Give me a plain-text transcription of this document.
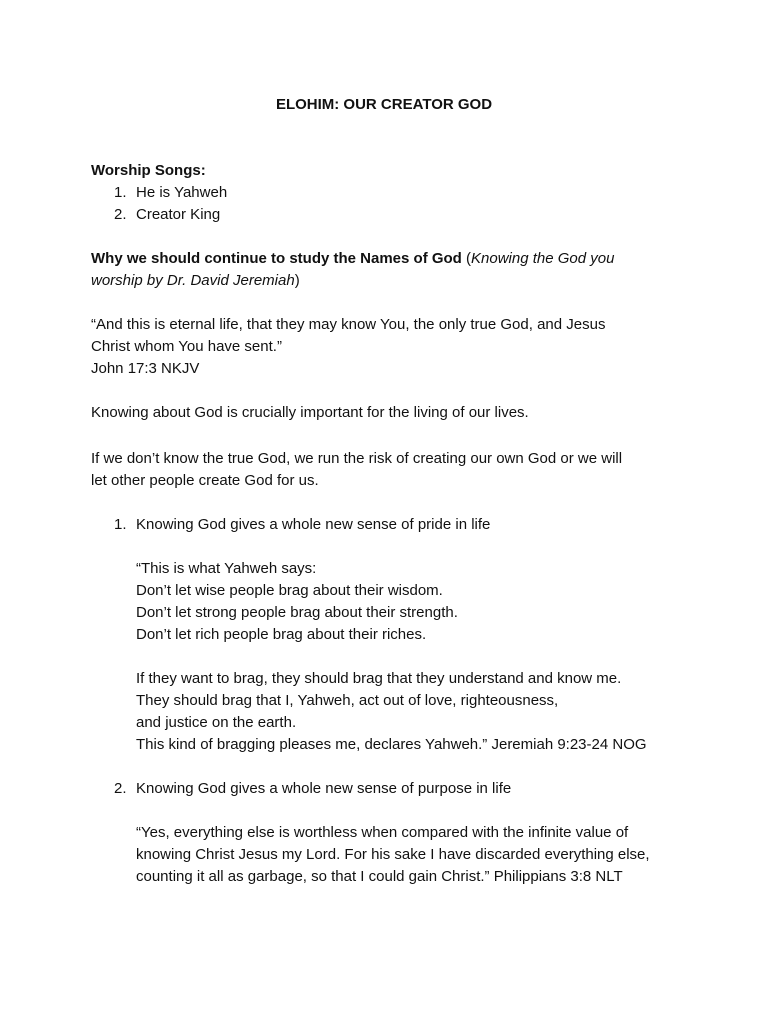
ELOHIM: OUR CREATOR GOD
Worship Songs:
1. He is Yahweh
2. Creator King
Why we should continue to study the Names of God (Knowing the God you
worship by Dr. David Jeremiah)
“And this is eternal life, that they may know You, the only true God, and Jesus
Christ whom You have sent.”
John 17:3 NKJV
Knowing about God is crucially important for the living of our lives.
If we don’t know the true God, we run the risk of creating our own God or we will
let other people create God for us.
1. Knowing God gives a whole new sense of pride in life
“This is what Yahweh says:
Don’t let wise people brag about their wisdom.
Don’t let strong people brag about their strength.
Don’t let rich people brag about their riches.
If they want to brag, they should brag that they understand and know me.
They should brag that I, Yahweh, act out of love, righteousness,
and justice on the earth.
This kind of bragging pleases me, declares Yahweh.” Jeremiah 9:23-24 NOG
2. Knowing God gives a whole new sense of purpose in life
“Yes, everything else is worthless when compared with the infinite value of
knowing Christ Jesus my Lord. For his sake I have discarded everything else,
counting it all as garbage, so that I could gain Christ.” Philippians 3:8 NLT
